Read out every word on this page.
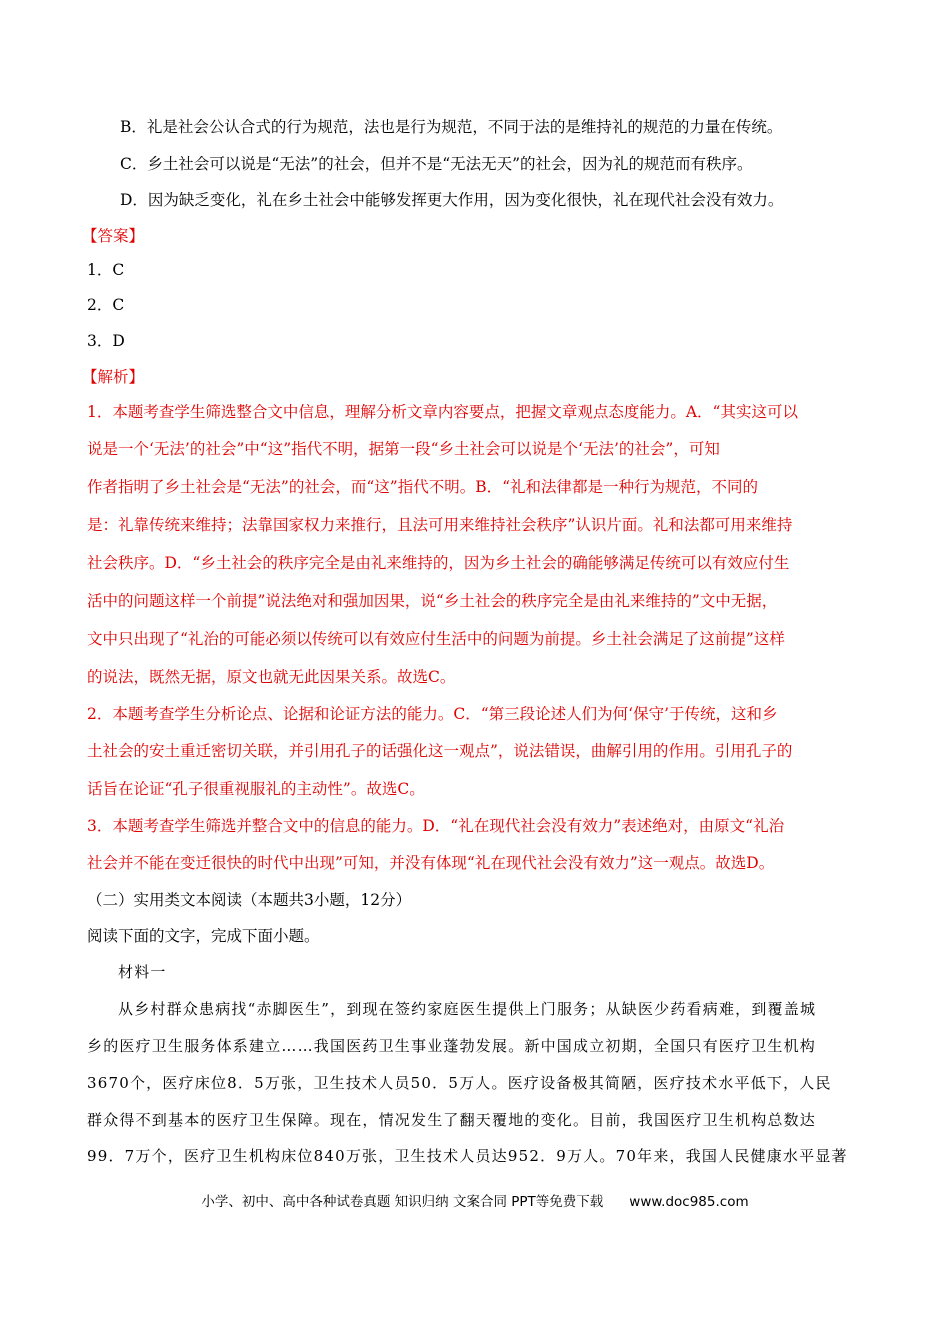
B．礼是社会公认合式的行为规范，法也是行为规范，不同于法的是维持礼的规范的力量在传统。
C．乡土社会可以说是“无法”的社会，但并不是“无法无天”的社会，因为礼的规范而有秩序。
D．因为缺乏变化，礼在乡土社会中能够发挥更大作用，因为变化很快，礼在现代社会没有效力。
【答案】
1．C
2．C
3．D
【解析】
1．本题考查学生筛选整合文中信息，理解分析文章内容要点，把握文章观点态度能力。A．“其实这可以
说是一个‘无法’的社会”中“这”指代不明，据第一段“乡土社会可以说是个‘无法’的社会”，可知
作者指明了乡土社会是“无法”的社会，而“这”指代不明。B．“礼和法律都是一种行为规范，不同的
是：礼靠传统来维持；法靠国家权力来推行，且法可用来维持社会秩序”认识片面。礼和法都可用来维持
社会秩序。D．“乡土社会的秩序完全是由礼来维持的，因为乡土社会的确能够满足传统可以有效应付生
活中的问题这样一个前提”说法绝对和强加因果，说“乡土社会的秩序完全是由礼来维持的”文中无据，
文中只出现了“礼治的可能必须以传统可以有效应付生活中的问题为前提。乡土社会满足了这前提”这样
的说法，既然无据，原文也就无此因果关系。故选C。
2．本题考查学生分析论点、论据和论证方法的能力。C．“第三段论述人们为何‘保守’于传统，这和乡
土社会的安土重迁密切关联，并引用孔子的话强化这一观点”，说法错误，曲解引用的作用。引用孔子的
话旨在论证“孔子很重视服礼的主动性”。故选C。
3．本题考查学生筛选并整合文中的信息的能力。D．“礼在现代社会没有效力”表述绝对，由原文“礼治
社会并不能在变迁很快的时代中出现”可知，并没有体现“礼在现代社会没有效力”这一观点。故选D。
（二）实用类文本阅读（本题共3小题，12分）
阅读下面的文字，完成下面小题。
材料一
从乡村群众患病找“赤脚医生”，到现在签约家庭医生提供上门服务；从缺医少药看病难，到覆盖城
乡的医疗卫生服务体系建立……我国医药卫生事业蓬勃发展。新中国成立初期，全国只有医疗卫生机构
3670个，医疗床位8．5万张，卫生技术人员50．5万人。医疗设备极其简陋，医疗技术水平低下，人民
群众得不到基本的医疗卫生保障。现在，情况发生了翻天覆地的变化。目前，我国医疗卫生机构总数达
99．7万个，医疗卫生机构床位840万张，卫生技术人员达952．9万人。70年来，我国人民健康水平显著
小学、初中、高中各种试卷真题 知识归纳 文案合同 PPT等免费下载 www.doc985.com
